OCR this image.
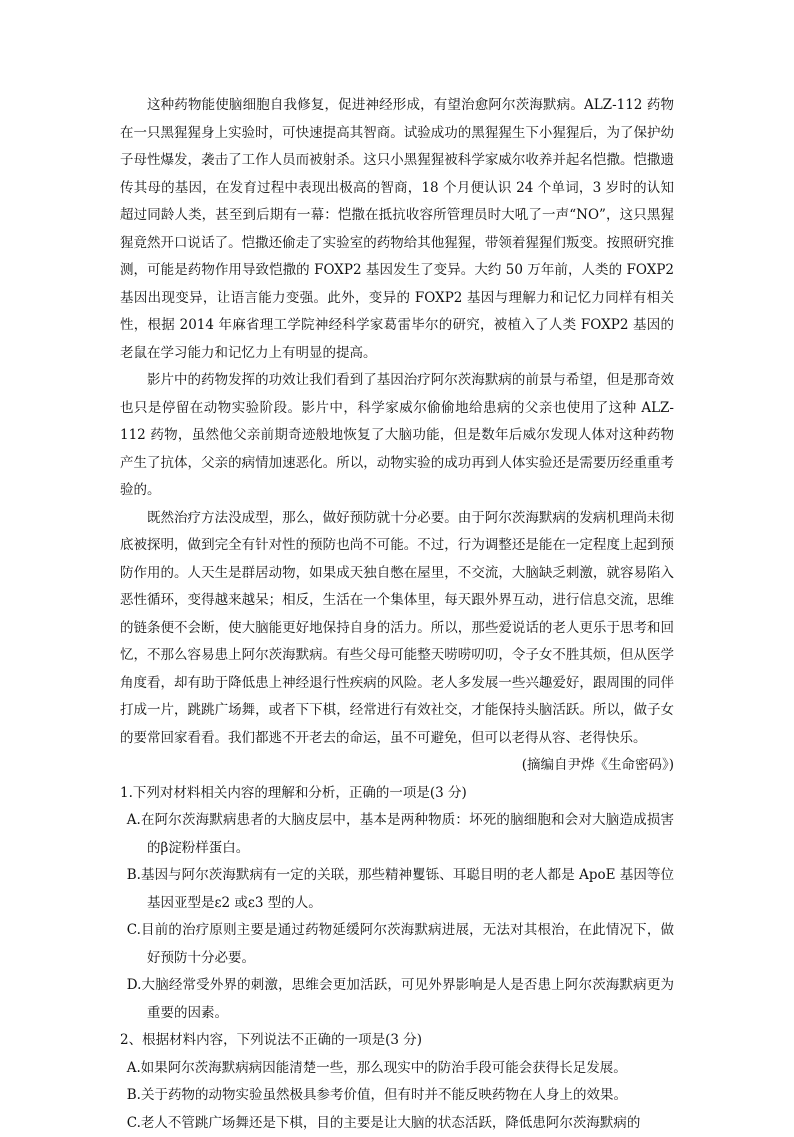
这种药物能使脑细胞自我修复，促进神经形成，有望治愈阿尔茨海默病。ALZ-112 药物在一只黑猩猩身上实验时，可快速提高其智商。试验成功的黑猩猩生下小猩猩后，为了保护幼子母性爆发，袭击了工作人员而被射杀。这只小黑猩猩被科学家威尔收养并起名恺撒。恺撒遗传其母的基因，在发育过程中表现出极高的智商，18 个月便认识 24 个单词，3 岁时的认知超过同龄人类，甚至到后期有一幕：恺撒在抵抗收容所管理员时大吼了一声“NO”，这只黑猩猩竟然开口说话了。恺撒还偷走了实验室的药物给其他猩猩，带领着猩猩们叛变。按照研究推测，可能是药物作用导致恺撒的 FOXP2 基因发生了变异。大约 50 万年前，人类的 FOXP2 基因出现变异，让语言能力变强。此外，变异的 FOXP2 基因与理解力和记忆力同样有相关性，根据 2014 年麻省理工学院神经科学家葛雷毕尔的研究，被植入了人类 FOXP2 基因的老鼠在学习能力和记忆力上有明显的提高。

影片中的药物发挥的功效让我们看到了基因治疗阿尔茨海默病的前景与希望，但是那奇效也只是停留在动物实验阶段。影片中，科学家威尔偷偷地给患病的父亲也使用了这种 ALZ-112 药物，虽然他父亲前期奇迹般地恢复了大脑功能，但是数年后威尔发现人体对这种药物产生了抗体，父亲的病情加速恶化。所以，动物实验的成功再到人体实验还是需要历经重重考验的。

既然治疗方法没成型，那么，做好预防就十分必要。由于阿尔茨海默病的发病机理尚未彻底被探明，做到完全有针对性的预防也尚不可能。不过，行为调整还是能在一定程度上起到预防作用的。人天生是群居动物，如果成天独自憋在屋里，不交流，大脑缺乏刺激，就容易陷入恶性循环，变得越来越呆；相反，生活在一个集体里，每天跟外界互动，进行信息交流，思维的链条便不会断，使大脑能更好地保持自身的活力。所以，那些爱说话的老人更乐于思考和回忆，不那么容易患上阿尔茨海默病。有些父母可能整天唠唠叨叨，令子女不胜其烦，但从医学角度看，却有助于降低患上神经退行性疾病的风险。老人多发展一些兴趣爱好，跟周围的同伴打成一片，跳跳广场舞，或者下下棋，经常进行有效社交，才能保持头脑活跃。所以，做子女的要常回家看看。我们都逃不开老去的命运，虽不可避免，但可以老得从容、老得快乐。

(摘编自尹烨《生命密码》)

1.下列对材料相关内容的理解和分析，正确的一项是(3 分)

A.在阿尔茨海默病患者的大脑皮层中，基本是两种物质：坏死的脑细胞和会对大脑造成损害的β淀粉样蛋白。

B.基因与阿尔茨海默病有一定的关联，那些精神矍铄、耳聪目明的老人都是 ApoE 基因等位基因亚型是ε2 或ε3 型的人。

C.目前的治疗原则主要是通过药物延缓阿尔茨海默病进展，无法对其根治，在此情况下，做好预防十分必要。

D.大脑经常受外界的刺激，思维会更加活跃，可见外界影响是人是否患上阿尔茨海默病更为重要的因素。

2、根据材料内容，下列说法不正确的一项是(3 分)

A.如果阿尔茨海默病病因能清楚一些，那么现实中的防治手段可能会获得长足发展。

B.关于药物的动物实验虽然极具参考价值，但有时并不能反映药物在人身上的效果。

C.老人不管跳广场舞还是下棋，目的主要是让大脑的状态活跃，降低患阿尔茨海默病的
